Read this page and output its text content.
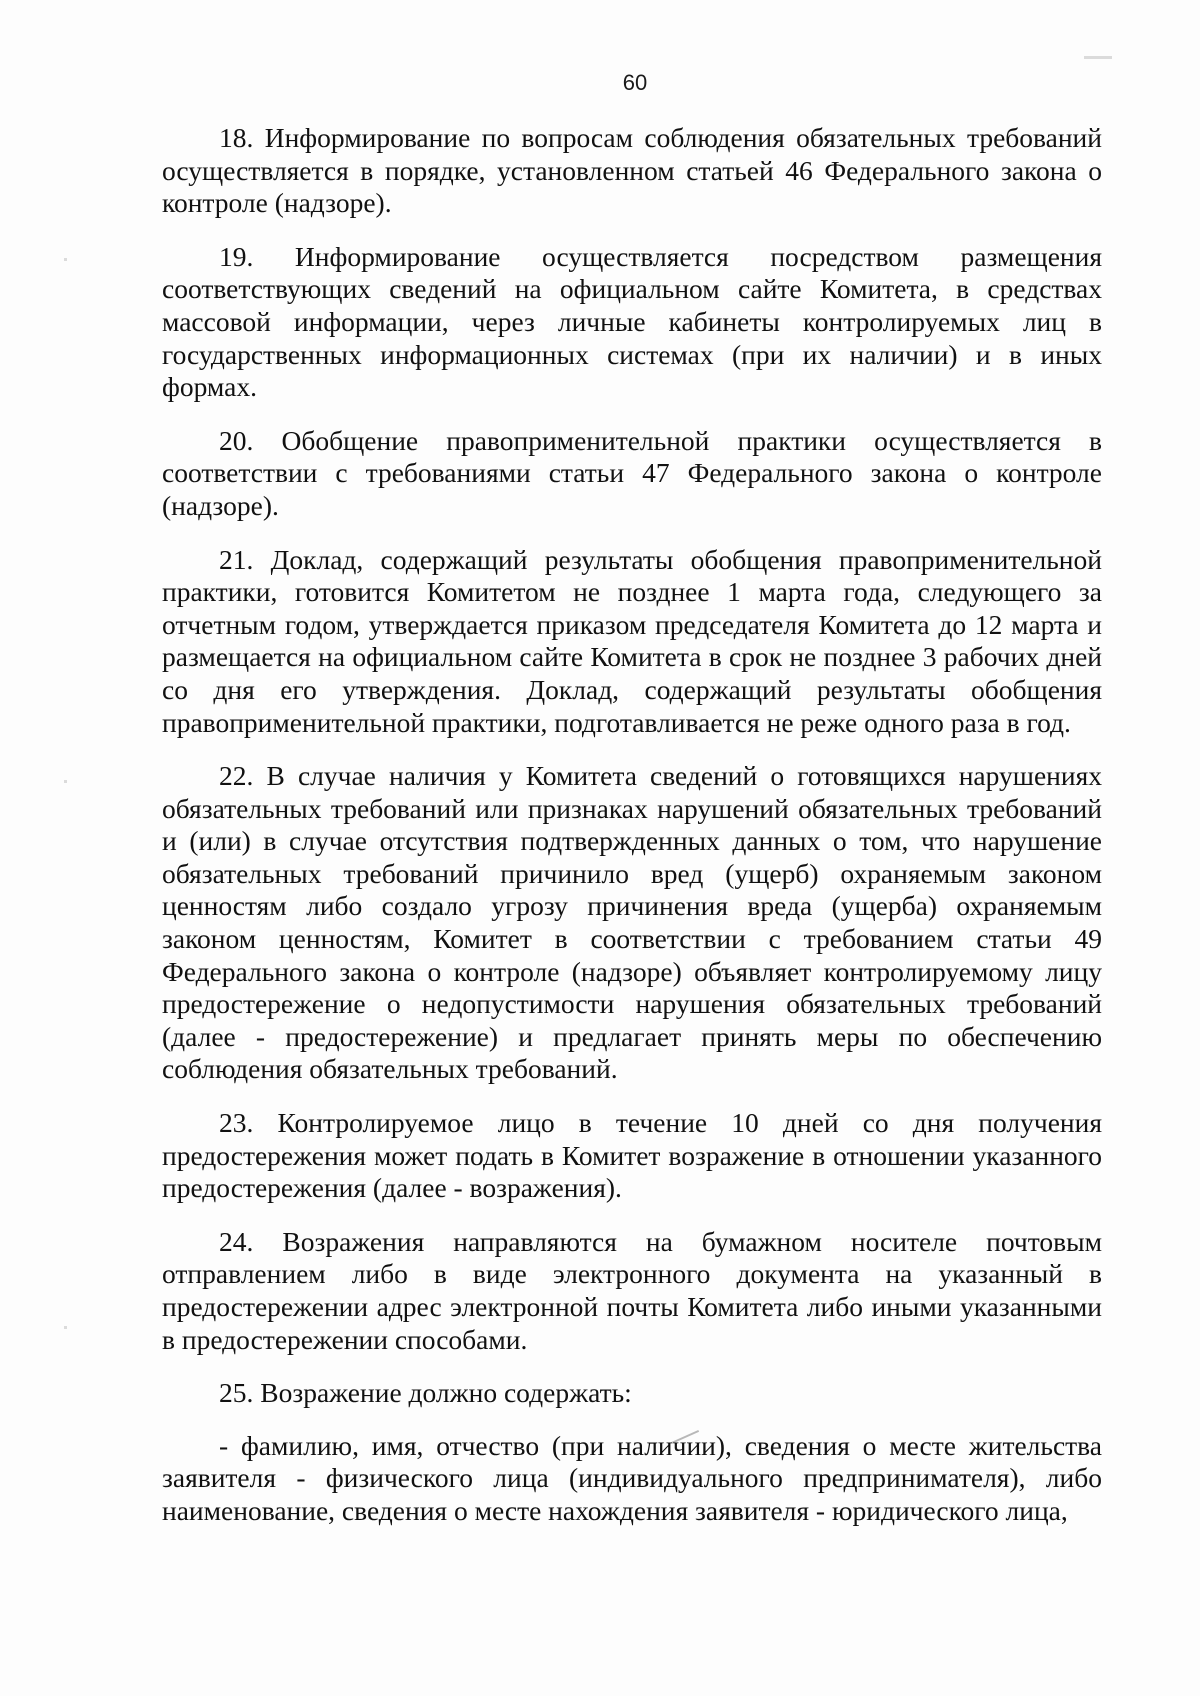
60

18. Информирование по вопросам соблюдения обязательных требований осуществляется в порядке, установленном статьей 46 Федерального закона о контроле (надзоре).

19. Информирование осуществляется посредством размещения соответствующих сведений на официальном сайте Комитета, в средствах массовой информации, через личные кабинеты контролируемых лиц в государственных информационных системах (при их наличии) и в иных формах.

20. Обобщение правоприменительной практики осуществляется в соответствии с требованиями статьи 47 Федерального закона о контроле (надзоре).

21. Доклад, содержащий результаты обобщения правоприменительной практики, готовится Комитетом не позднее 1 марта года, следующего за отчетным годом, утверждается приказом председателя Комитета до 12 марта и размещается на официальном сайте Комитета в срок не позднее 3 рабочих дней со дня его утверждения. Доклад, содержащий результаты обобщения правоприменительной практики, подготавливается не реже одного раза в год.

22. В случае наличия у Комитета сведений о готовящихся нарушениях обязательных требований или признаках нарушений обязательных требований и (или) в случае отсутствия подтвержденных данных о том, что нарушение обязательных требований причинило вред (ущерб) охраняемым законом ценностям либо создало угрозу причинения вреда (ущерба) охраняемым законом ценностям, Комитет в соответствии с требованием статьи 49 Федерального закона о контроле (надзоре) объявляет контролируемому лицу предостережение о недопустимости нарушения обязательных требований (далее - предостережение) и предлагает принять меры по обеспечению соблюдения обязательных требований.

23. Контролируемое лицо в течение 10 дней со дня получения предостережения может подать в Комитет возражение в отношении указанного предостережения (далее - возражения).

24. Возражения направляются на бумажном носителе почтовым отправлением либо в виде электронного документа на указанный в предостережении адрес электронной почты Комитета либо иными указанными в предостережении способами.

25. Возражение должно содержать:

- фамилию, имя, отчество (при наличии), сведения о месте жительства заявителя - физического лица (индивидуального предпринимателя), либо наименование, сведения о месте нахождения заявителя - юридического лица,
